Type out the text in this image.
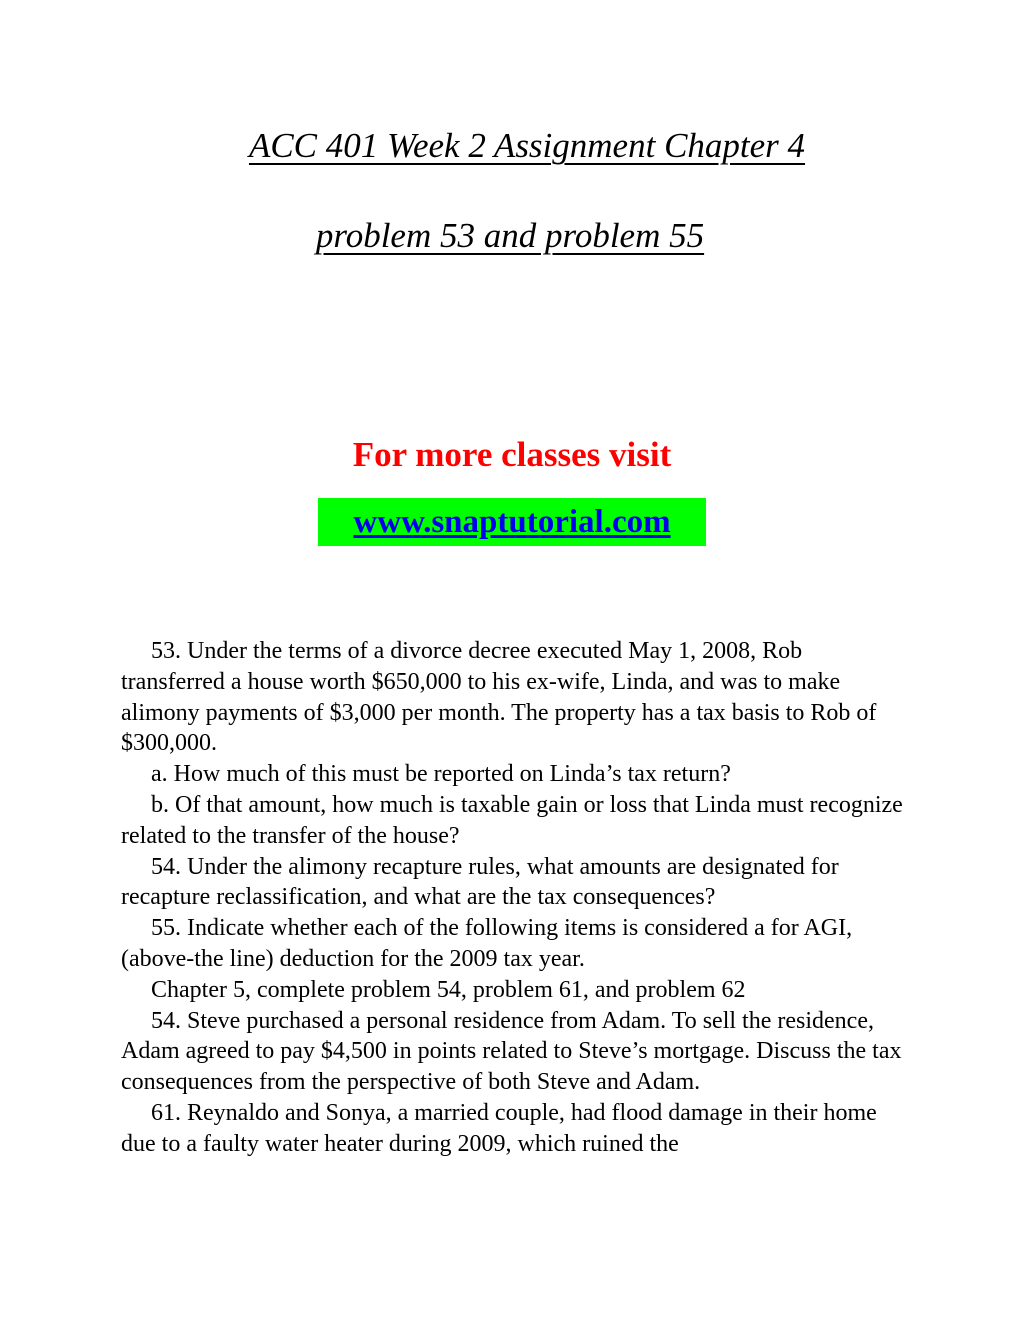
ACC 401 Week 2 Assignment Chapter 4
problem 53 and problem 55

For more classes visit

www.snaptutorial.com

53. Under the terms of a divorce decree executed May 1, 2008, Rob transferred a house worth $650,000 to his ex-wife, Linda, and was to make alimony payments of $3,000 per month. The property has a tax basis to Rob of $300,000.

a. How much of this must be reported on Linda’s tax return?

b. Of that amount, how much is taxable gain or loss that Linda must recognize related to the transfer of the house?

54. Under the alimony recapture rules, what amounts are designated for recapture reclassification, and what are the tax consequences?

55. Indicate whether each of the following items is considered a for AGI, (above-the line) deduction for the 2009 tax year.

Chapter 5, complete problem 54, problem 61, and problem 62

54. Steve purchased a personal residence from Adam. To sell the residence, Adam agreed to pay $4,500 in points related to Steve’s mortgage. Discuss the tax consequences from the perspective of both Steve and Adam.

61. Reynaldo and Sonya, a married couple, had flood damage in their home due to a faulty water heater during 2009, which ruined the
